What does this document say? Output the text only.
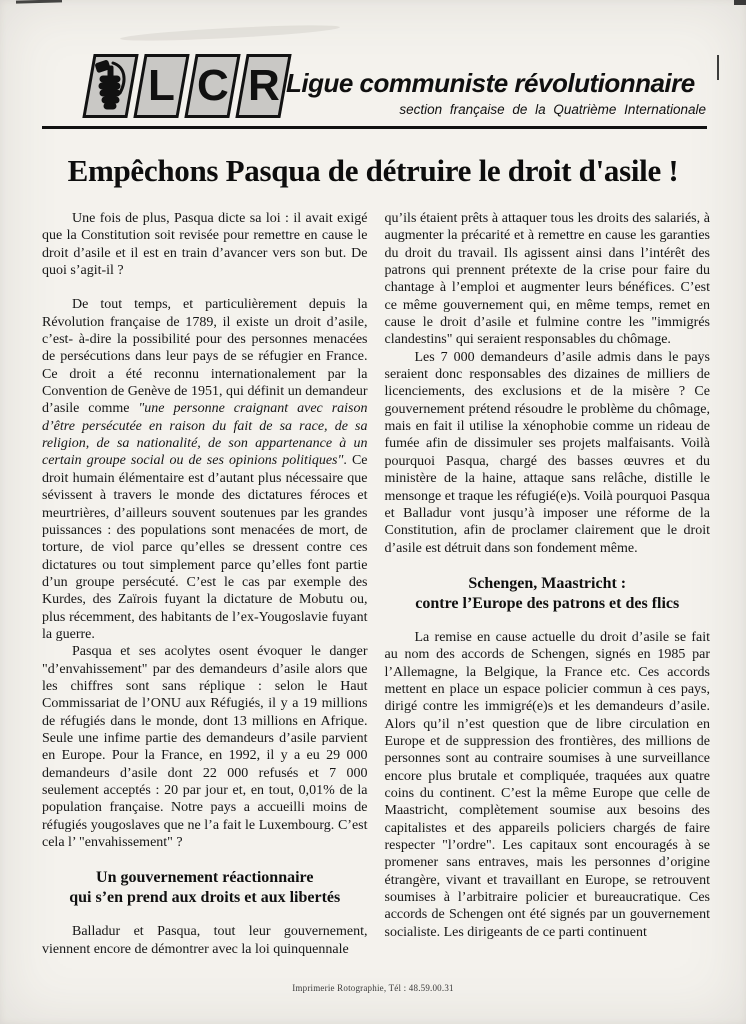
L C R Ligue communiste révolutionnaire
section française de la Quatrième Internationale
Empêchons Pasqua de détruire le droit d'asile !

Une fois de plus, Pasqua dicte sa loi : il avait exigé que la Constitution soit revisée pour remettre en cause le droit d’asile et il est en train d’avancer vers son but. De quoi s’agit-il ?

De tout temps, et particulièrement depuis la Révolution française de 1789, il existe un droit d’asile, c’est- à-dire la possibilité pour des personnes menacées de persécutions dans leur pays de se réfugier en France. Ce droit a été reconnu internationalement par la Convention de Genève de 1951, qui définit un demandeur d’asile comme "une personne craignant avec raison d’être persécutée en raison du fait de sa race, de sa religion, de sa nationalité, de son appartenance à un certain groupe social ou de ses opinions politiques". Ce droit humain élémentaire est d’autant plus nécessaire que sévissent à travers le monde des dictatures féroces et meurtrières, d’ailleurs souvent soutenues par les grandes puissances : des populations sont menacées de mort, de torture, de viol parce qu’elles se dressent contre ces dictatures ou tout simplement parce qu’elles font partie d’un groupe persécuté. C’est le cas par exemple des Kurdes, des Zaïrois fuyant la dictature de Mobutu ou, plus récemment, des habitants de l’ex-Yougoslavie fuyant la guerre.

Pasqua et ses acolytes osent évoquer le danger "d’envahissement" par des demandeurs d’asile alors que les chiffres sont sans réplique : selon le Haut Commissariat de l’ONU aux Réfugiés, il y a 19 millions de réfugiés dans le monde, dont 13 millions en Afrique. Seule une infime partie des demandeurs d’asile parvient en Europe. Pour la France, en 1992, il y a eu 29 000 demandeurs d’asile dont 22 000 refusés et 7 000 seulement acceptés : 20 par jour et, en tout, 0,01% de la population française. Notre pays a accueilli moins de réfugiés yougoslaves que ne l’a fait le Luxembourg. C’est cela l’ "envahissement" ?

Un gouvernement réactionnaire
qui s’en prend aux droits et aux libertés

Balladur et Pasqua, tout leur gouvernement, viennent encore de démontrer avec la loi quinquennale

qu’ils étaient prêts à attaquer tous les droits des salariés, à augmenter la précarité et à remettre en cause les garanties du droit du travail. Ils agissent ainsi dans l’intérêt des patrons qui prennent prétexte de la crise pour faire du chantage à l’emploi et augmenter leurs bénéfices. C’est ce même gouvernement qui, en même temps, remet en cause le droit d’asile et fulmine contre les "immigrés clandestins" qui seraient responsables du chômage.

Les 7 000 demandeurs d’asile admis dans le pays seraient donc responsables des dizaines de milliers de licenciements, des exclusions et de la misère ? Ce gouvernement prétend résoudre le problème du chômage, mais en fait il utilise la xénophobie comme un rideau de fumée afin de dissimuler ses projets malfaisants. Voilà pourquoi Pasqua, chargé des basses œuvres et du ministère de la haine, attaque sans relâche, distille le mensonge et traque les réfugié(e)s. Voilà pourquoi Pasqua et Balladur vont jusqu’à imposer une réforme de la Constitution, afin de proclamer clairement que le droit d’asile est détruit dans son fondement même.

Schengen, Maastricht :
contre l’Europe des patrons et des flics

La remise en cause actuelle du droit d’asile se fait au nom des accords de Schengen, signés en 1985 par l’Allemagne, la Belgique, la France etc. Ces accords mettent en place un espace policier commun à ces pays, dirigé contre les immigré(e)s et les demandeurs d’asile. Alors qu’il n’est question que de libre circulation en Europe et de suppression des frontières, des millions de personnes sont au contraire soumises à une surveillance encore plus brutale et compliquée, traquées aux quatre coins du continent. C’est la même Europe que celle de Maastricht, complètement soumise aux besoins des capitalistes et des appareils policiers chargés de faire respecter "l’ordre". Les capitaux sont encouragés à se promener sans entraves, mais les personnes d’origine étrangère, vivant et travaillant en Europe, se retrouvent soumises à l’arbitraire policier et bureaucratique. Ces accords de Schengen ont été signés par un gouvernement socialiste. Les dirigeants de ce parti continuent

Imprimerie Rotographie, Tél : 48.59.00.31
